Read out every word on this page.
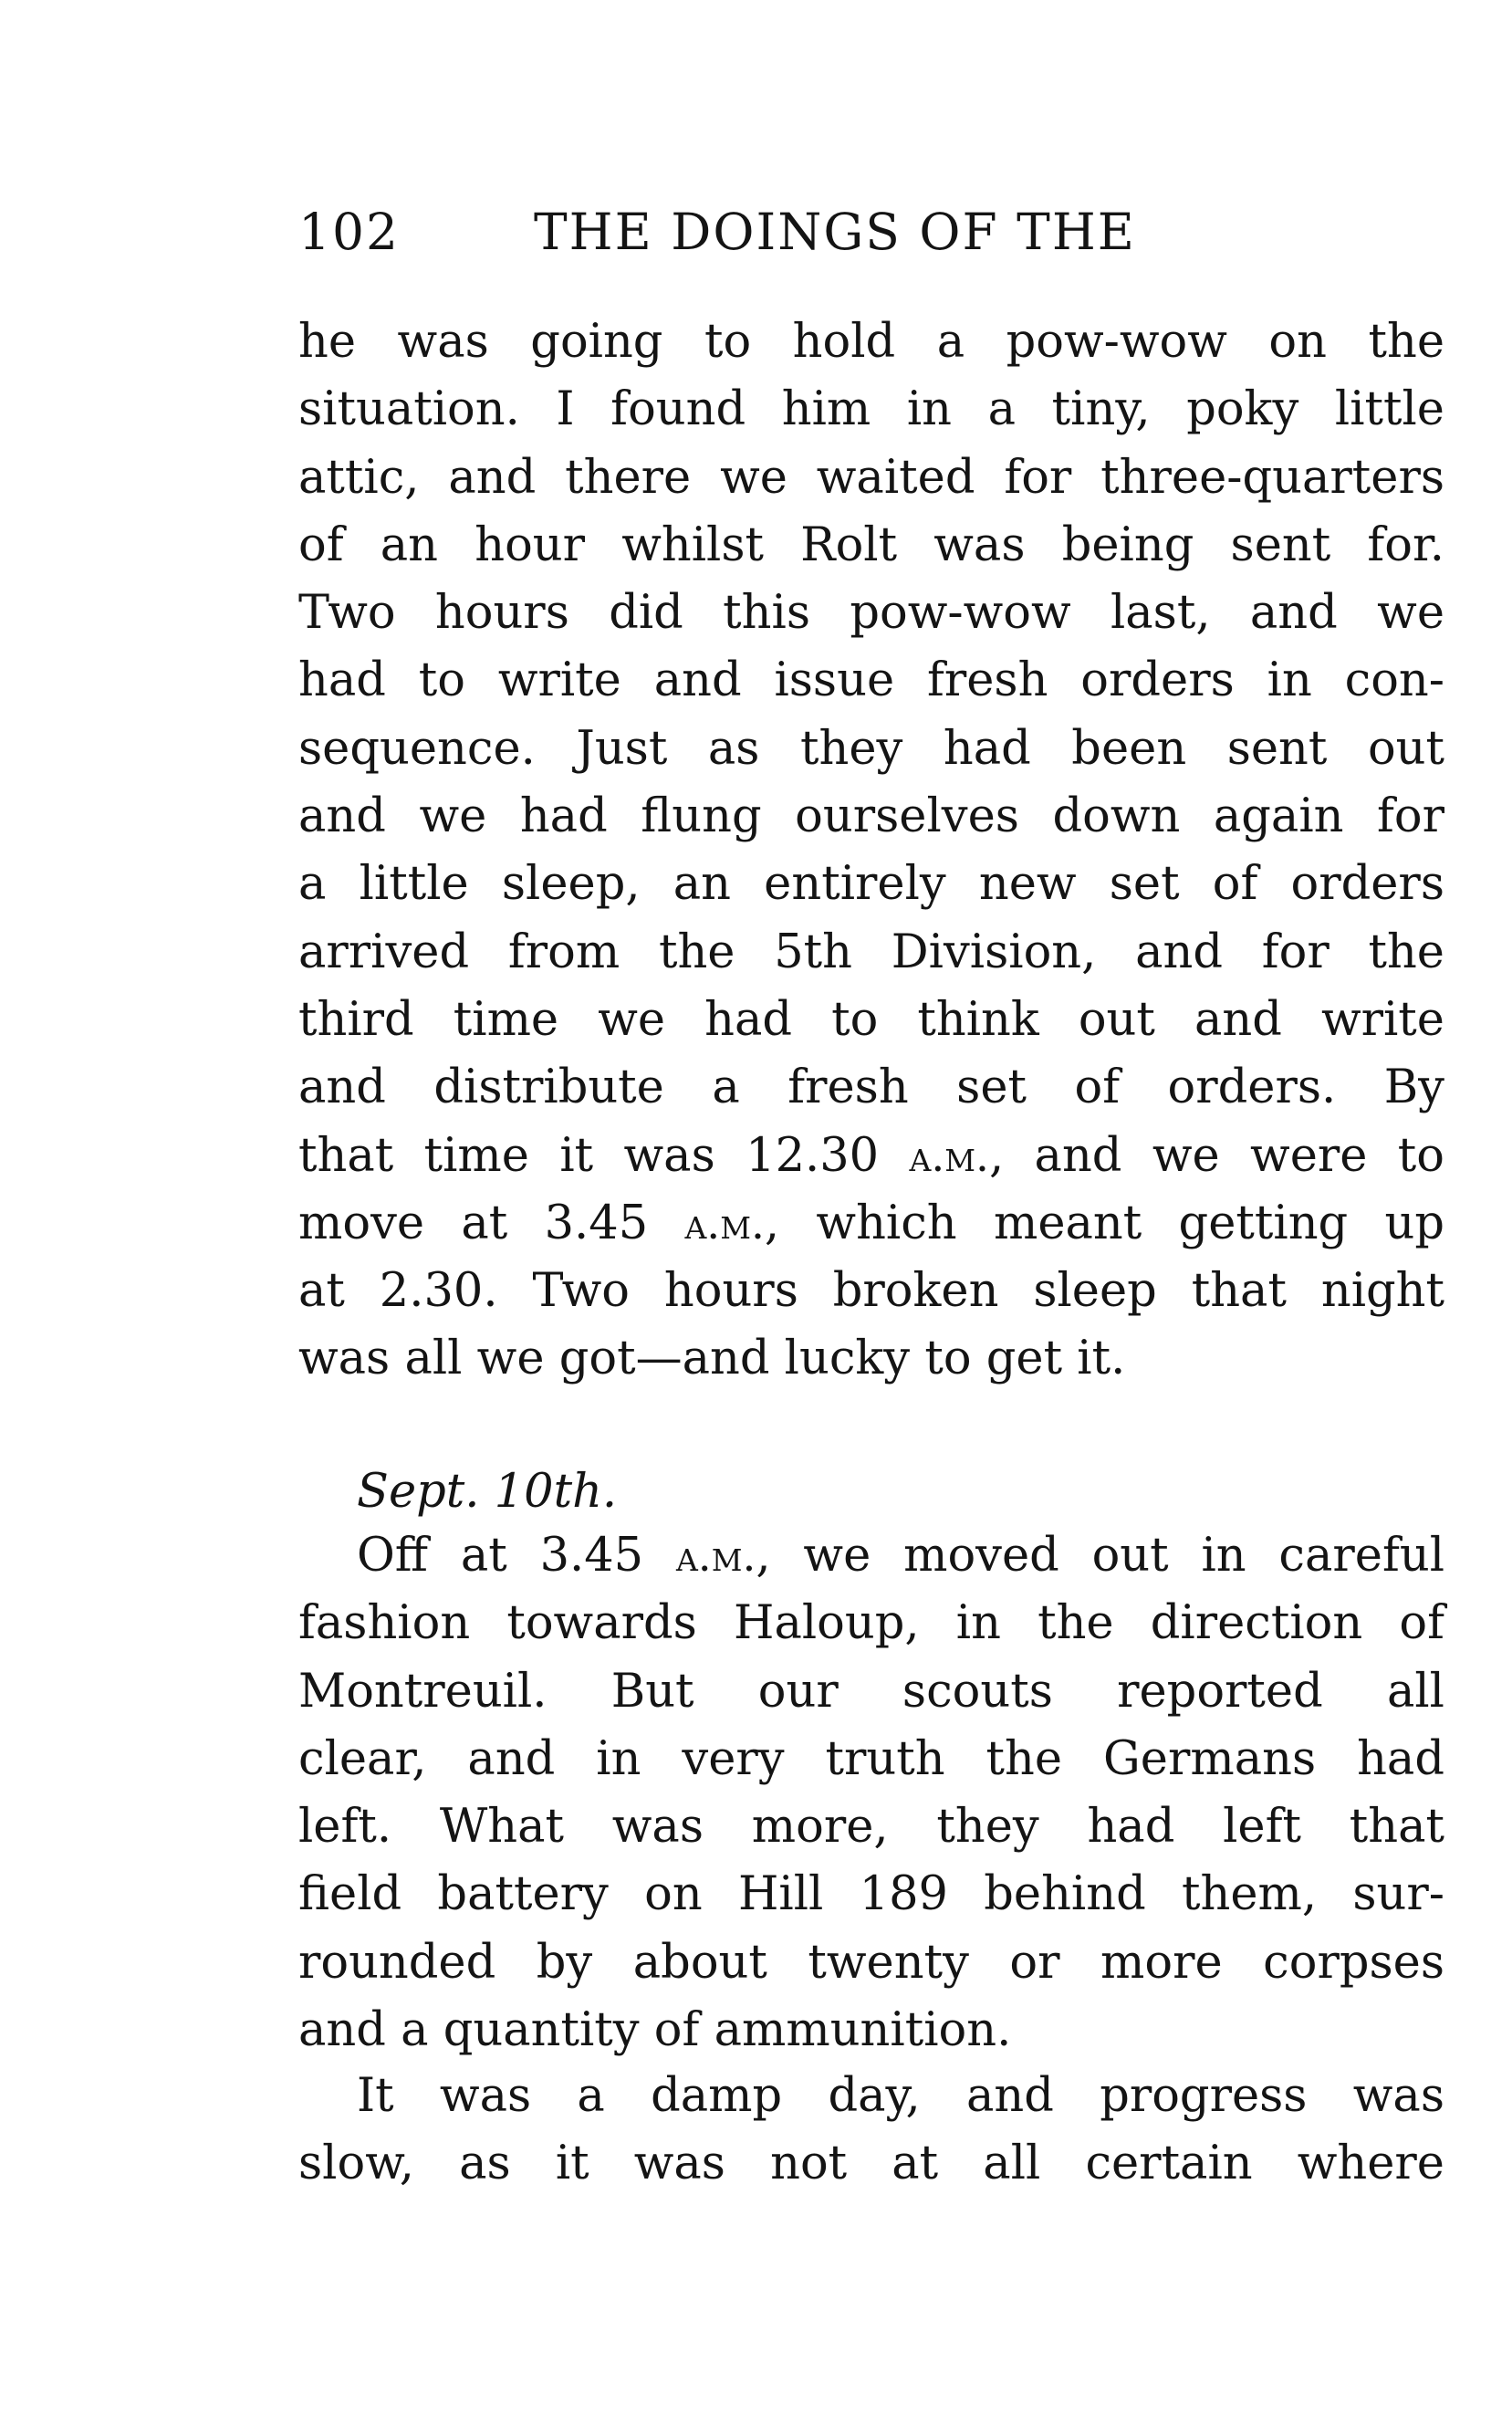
102	THE DOINGS OF THE
he was going to hold a pow-wow on the
situation. I found him in a tiny, poky little
attic, and there we waited for three-quarters
of an hour whilst Rolt was being sent for.
Two hours did this pow-wow last, and we
had to write and issue fresh orders in con-
sequence. Just as they had been sent out
and we had flung ourselves down again for
a little sleep, an entirely new set of orders
arrived from the 5th Division, and for the
third time we had to think out and write
and distribute a fresh set of orders. By
that time it was 12.30 a.m., and we were to
move at 3.45 a.m., which meant getting up
at 2.30. Two hours broken sleep that night
was all we got—and lucky to get it.
Sept. 10th.
Off at 3.45 a.m., we moved out in careful
fashion towards Haloup, in the direction of
Montreuil. But our scouts reported all
clear, and in very truth the Germans had
left. What was more, they had left that
field battery on Hill 189 behind them, sur-
rounded by about twenty or more corpses
and a quantity of ammunition.
It was a damp day, and progress was
slow, as it was not at all certain where
